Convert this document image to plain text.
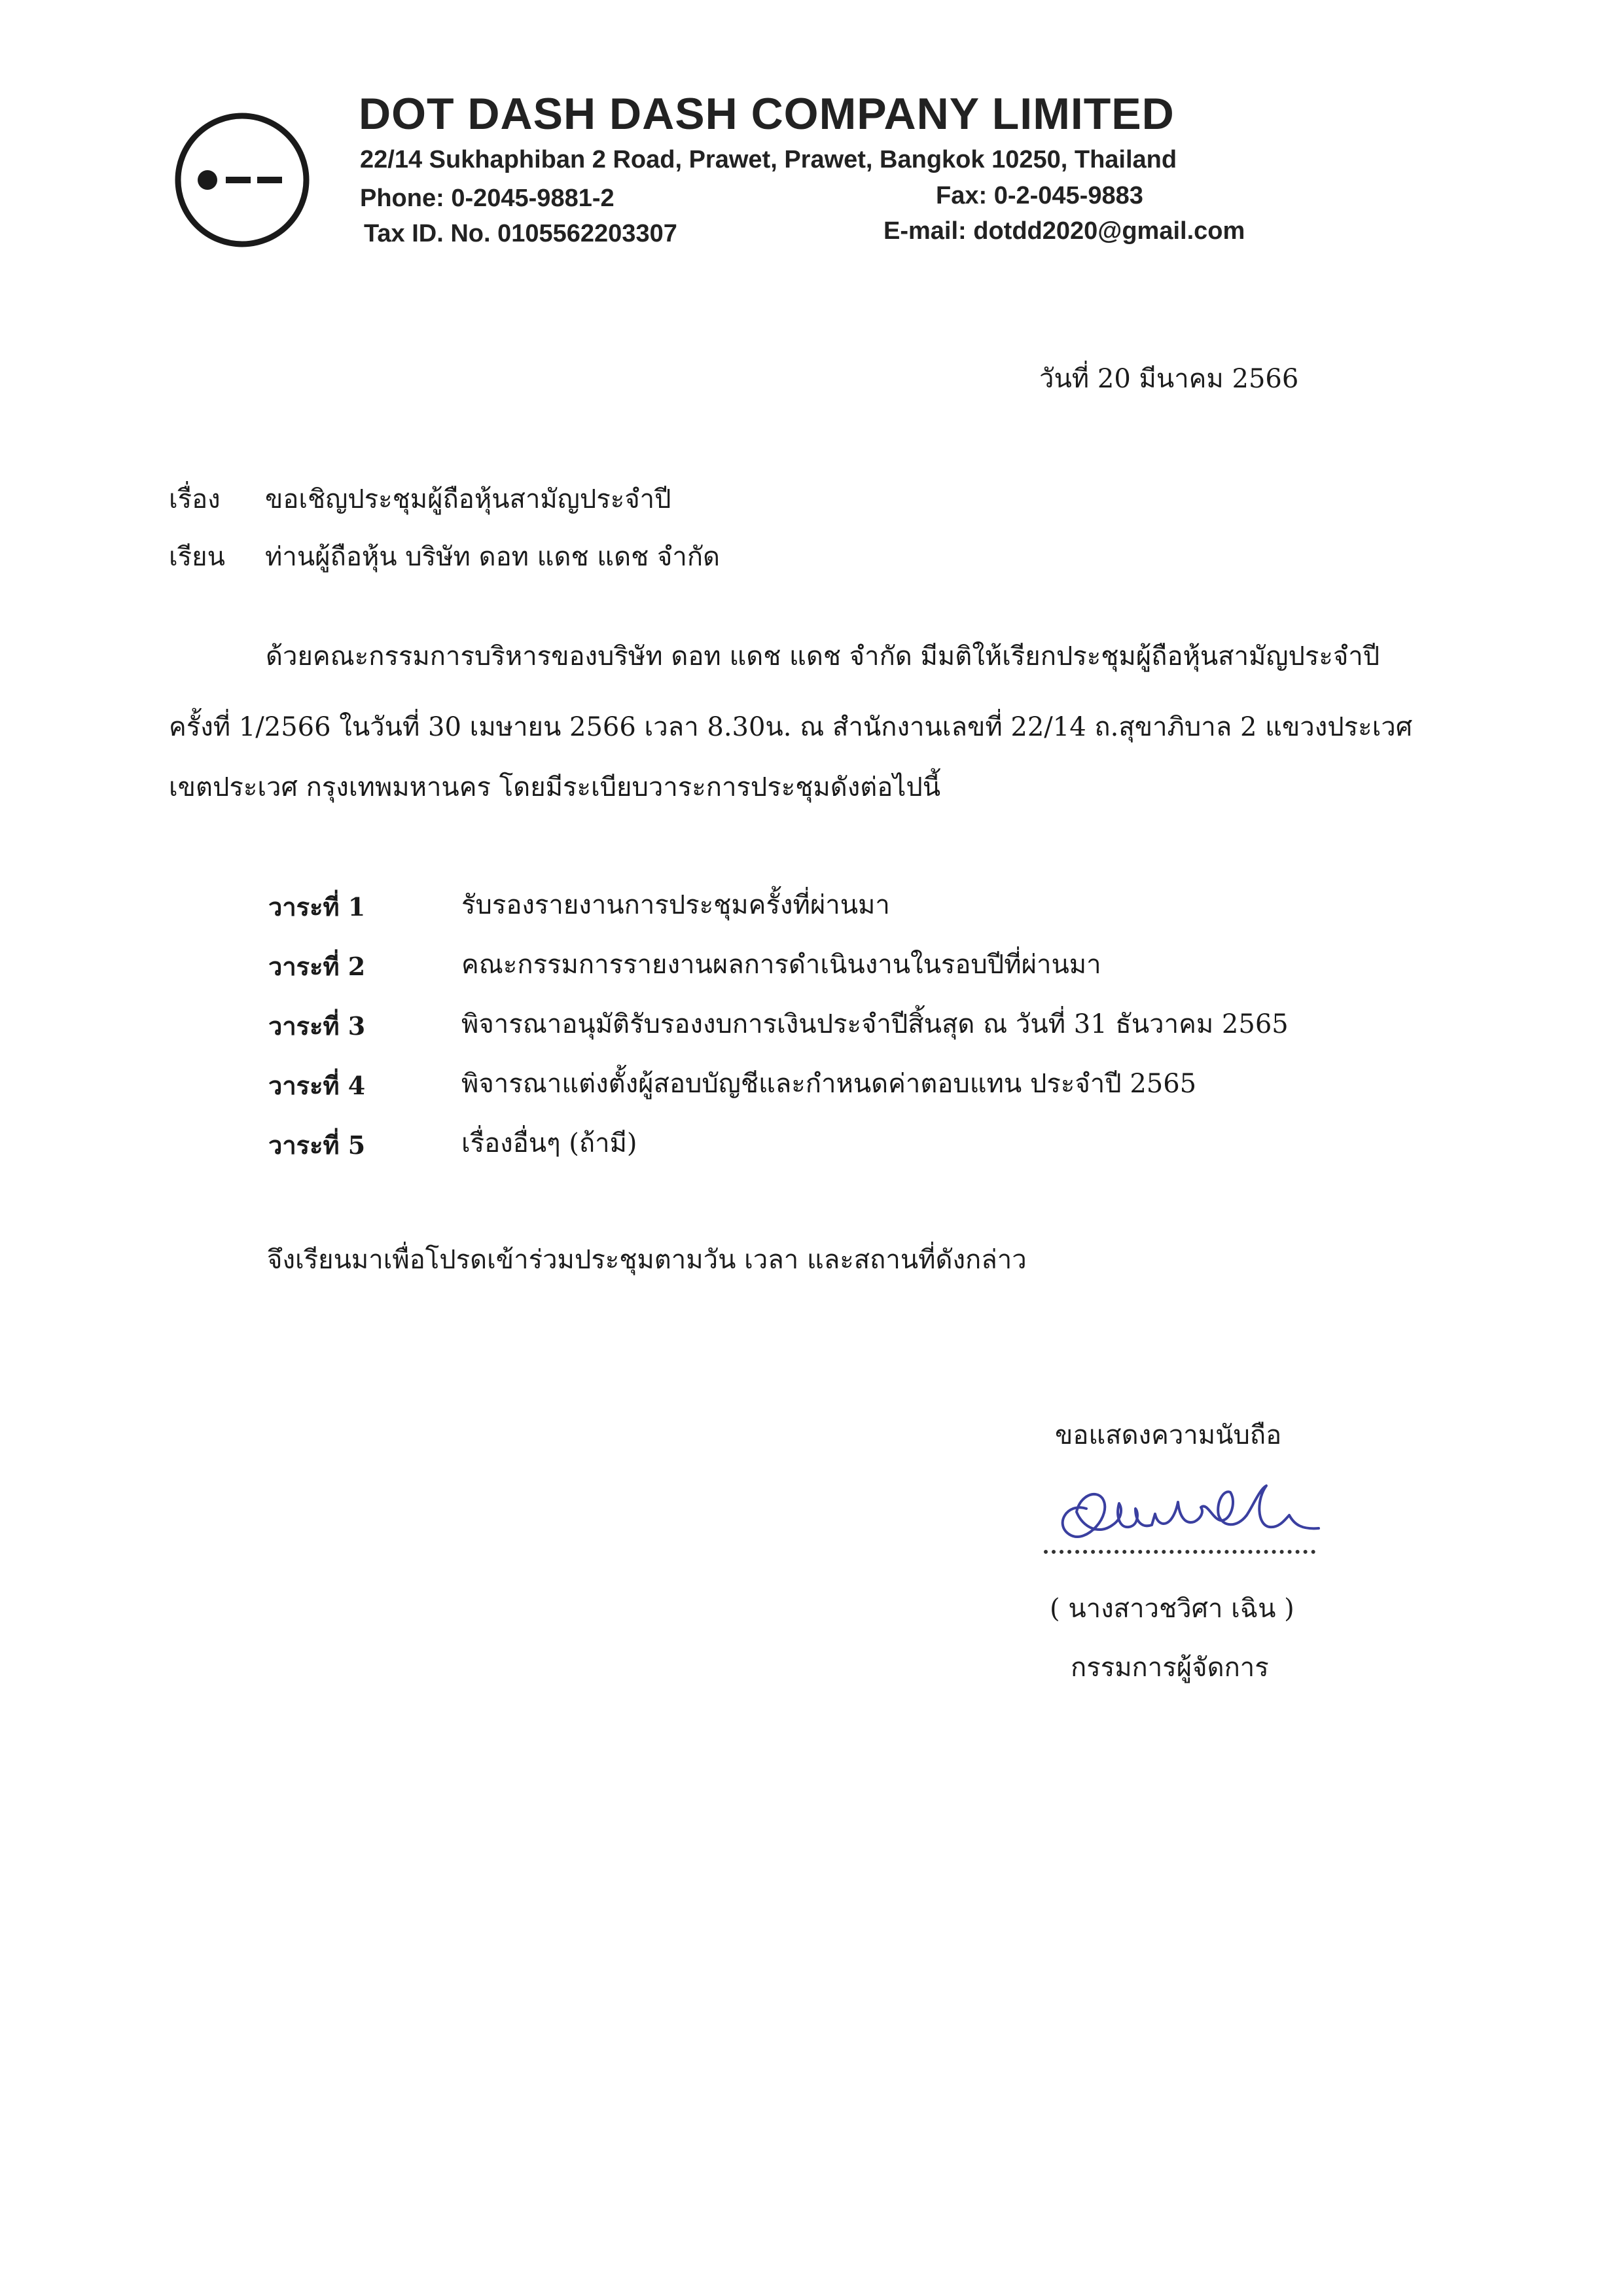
DOT DASH DASH COMPANY LIMITED
22/14 Sukhaphiban 2 Road, Prawet, Prawet, Bangkok 10250, Thailand
Phone: 0-2045-9881-2	Fax: 0-2-045-9883
Tax ID. No. 0105562203307	E-mail: dotdd2020@gmail.com
วันที่ 20 มีนาคม 2566
เรื่อง ขอเชิญประชุมผู้ถือหุ้นสามัญประจำปี
เรียน ท่านผู้ถือหุ้น บริษัท ดอท แดช แดช จำกัด
ด้วยคณะกรรมการบริหารของบริษัท ดอท แดช แดช จำกัด มีมติให้เรียกประชุมผู้ถือหุ้นสามัญประจำปี
ครั้งที่ 1/2566 ในวันที่ 30 เมษายน 2566 เวลา 8.30น. ณ สำนักงานเลขที่ 22/14 ถ.สุขาภิบาล 2 แขวงประเวศ
เขตประเวศ กรุงเทพมหานคร โดยมีระเบียบวาระการประชุมดังต่อไปนี้
วาระที่ 1	รับรองรายงานการประชุมครั้งที่ผ่านมา
วาระที่ 2	คณะกรรมการรายงานผลการดำเนินงานในรอบปีที่ผ่านมา
วาระที่ 3	พิจารณาอนุมัติรับรองงบการเงินประจำปีสิ้นสุด ณ วันที่ 31 ธันวาคม 2565
วาระที่ 4	พิจารณาแต่งตั้งผู้สอบบัญชีและกำหนดค่าตอบแทน ประจำปี 2565
วาระที่ 5	เรื่องอื่นๆ (ถ้ามี)
จึงเรียนมาเพื่อโปรดเข้าร่วมประชุมตามวัน เวลา และสถานที่ดังกล่าว
ขอแสดงความนับถือ
( นางสาวชวิศา เฉิน )
กรรมการผู้จัดการ
